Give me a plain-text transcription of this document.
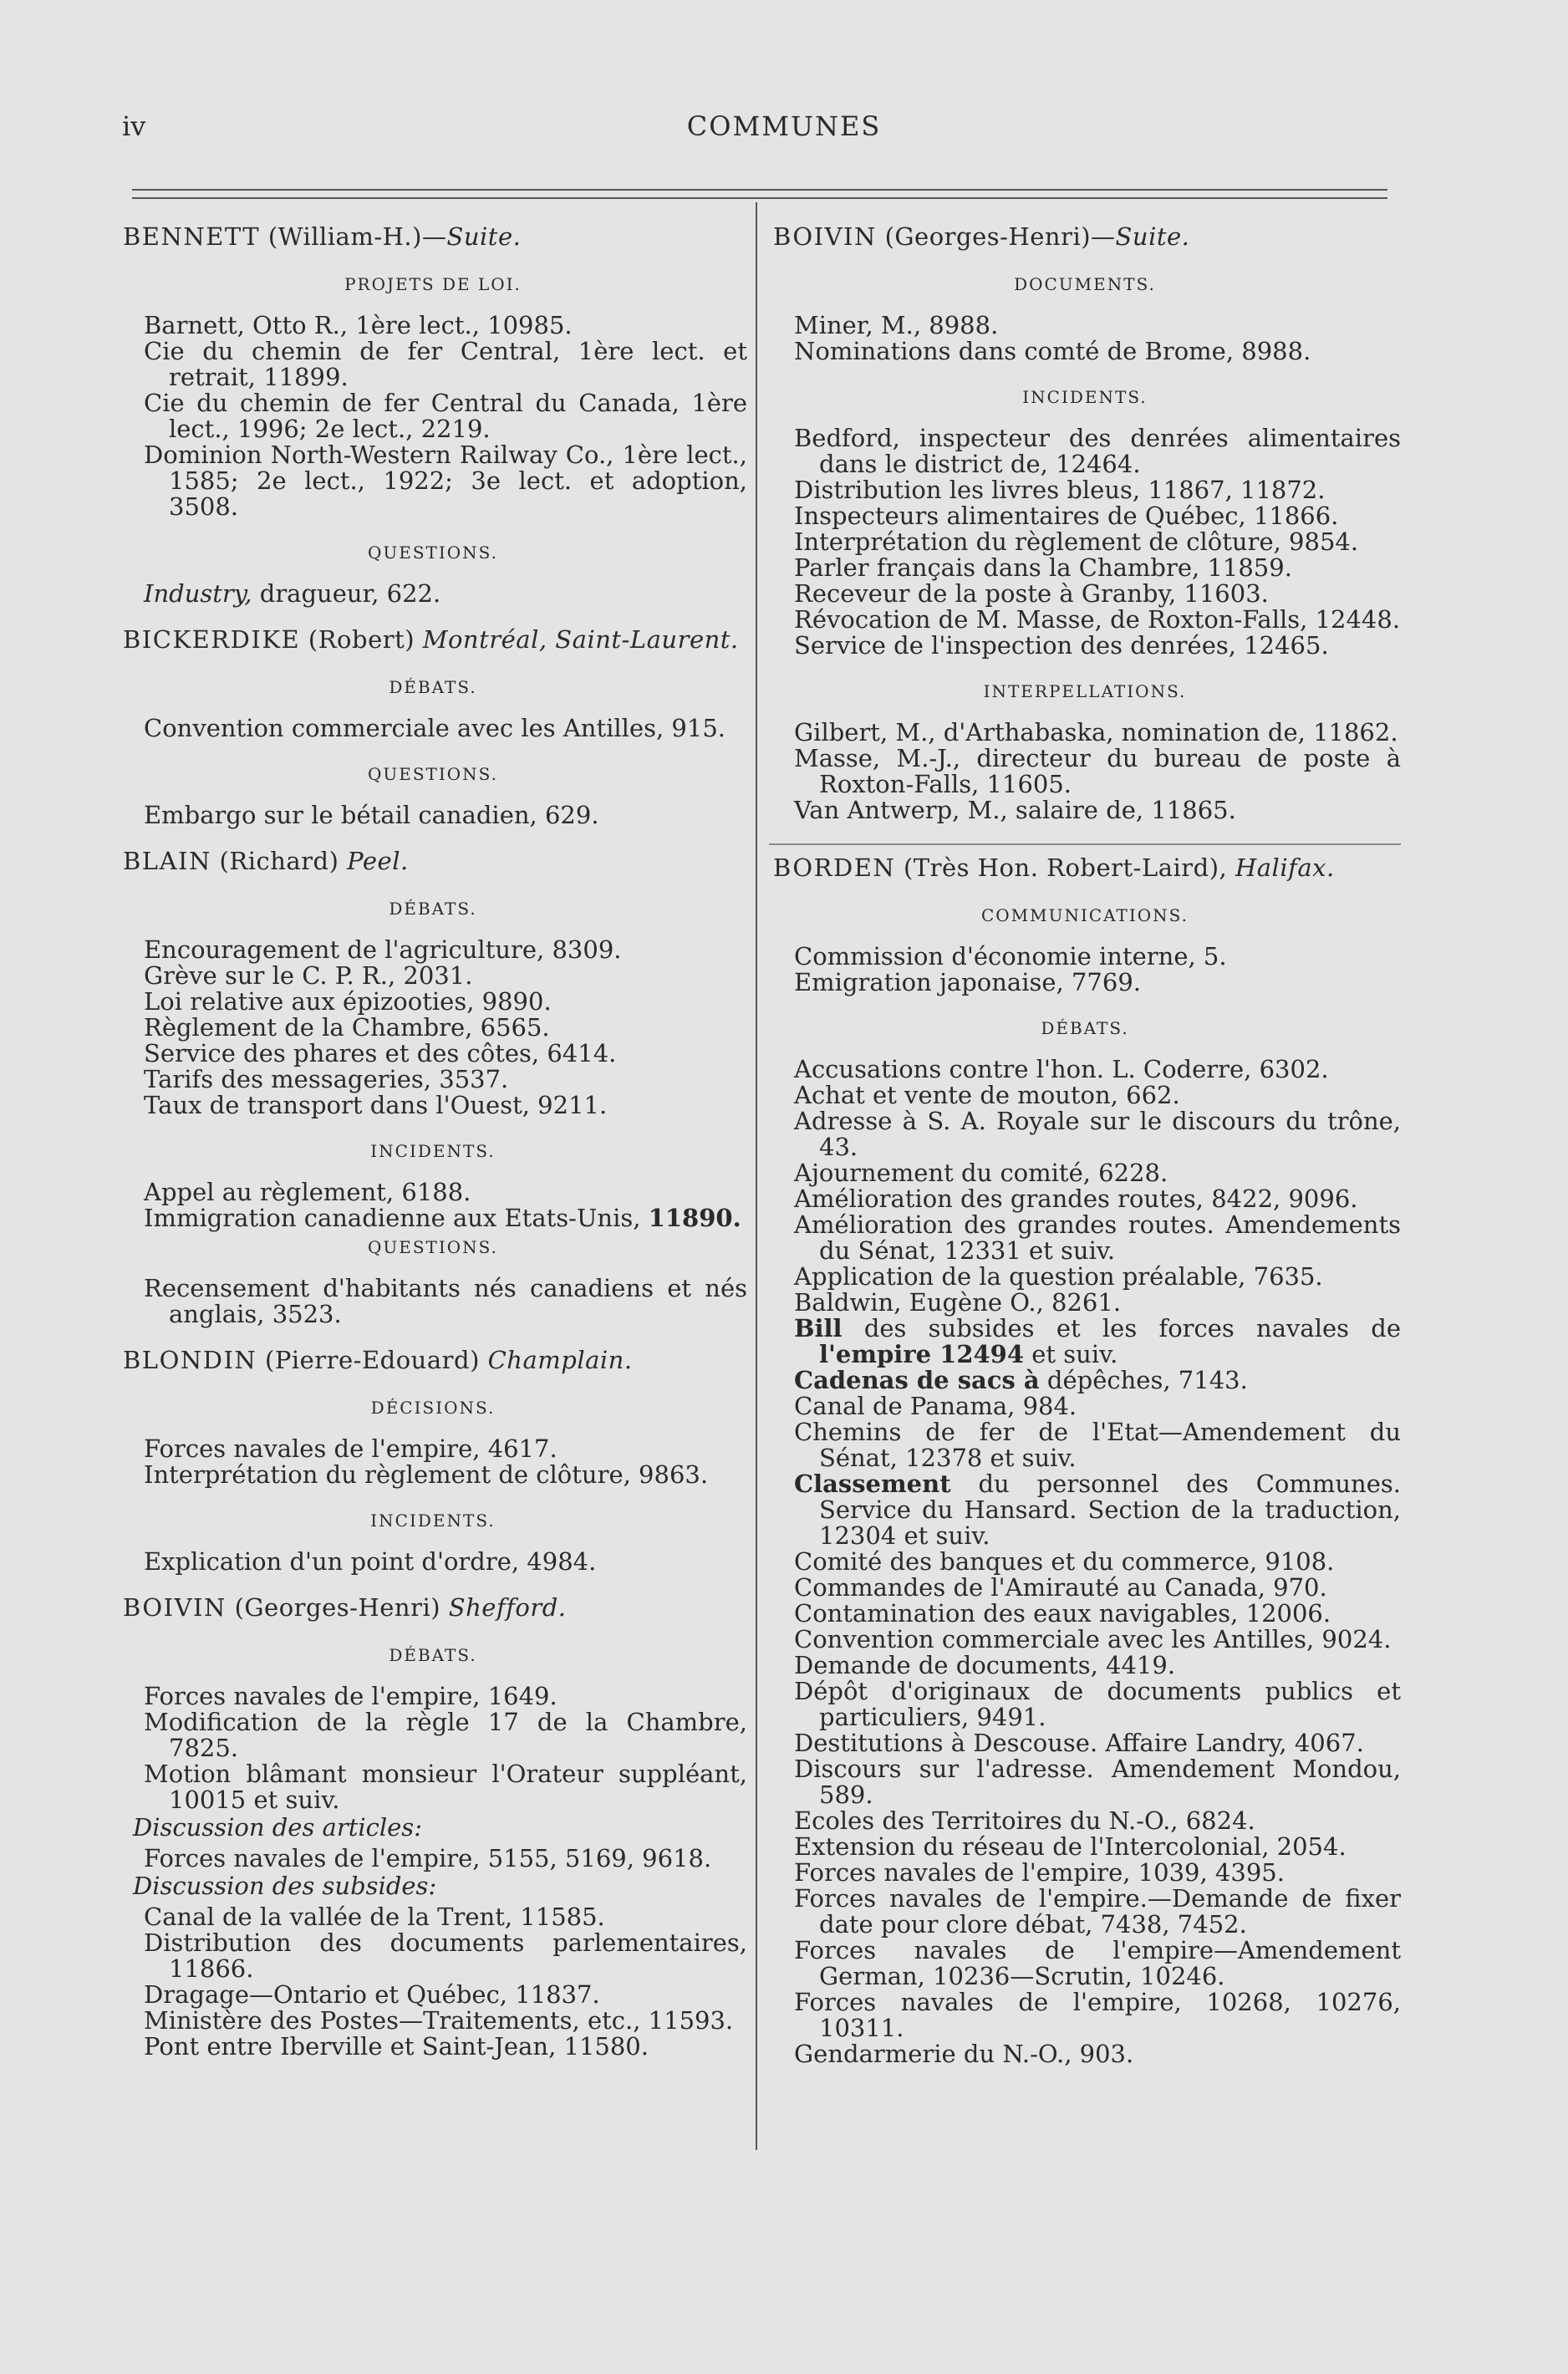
COMMUNES
iv

BENNETT (William-H.)—Suite.

PROJETS DE LOI.

Barnett, Otto R., 1ère lect., 10985.

Cie du chemin de fer Central, 1ère lect. et retrait, 11899.

Cie du chemin de fer Central du Canada, 1ère lect., 1996; 2e lect., 2219.

Dominion North-Western Railway Co., 1ère lect., 1585; 2e lect., 1922; 3e lect. et adoption, 3508.

QUESTIONS.

Industry, dragueur, 622.

BICKERDIKE (Robert) Montréal, Saint-Laurent.

DÉBATS.

Convention commerciale avec les Antilles, 915.

QUESTIONS.

Embargo sur le bétail canadien, 629.

BLAIN (Richard) Peel.

DÉBATS.

Encouragement de l'agriculture, 8309.

Grève sur le C. P. R., 2031.

Loi relative aux épizooties, 9890.

Règlement de la Chambre, 6565.

Service des phares et des côtes, 6414.

Tarifs des messageries, 3537.

Taux de transport dans l'Ouest, 9211.

INCIDENTS.

Appel au règlement, 6188.

Immigration canadienne aux Etats-Unis, 11890.

QUESTIONS.

Recensement d'habitants nés canadiens et nés anglais, 3523.

BLONDIN (Pierre-Edouard) Champlain.

DÉCISIONS.

Forces navales de l'empire, 4617.

Interprétation du règlement de clôture, 9863.

INCIDENTS.

Explication d'un point d'ordre, 4984.

BOIVIN (Georges-Henri) Shefford.

DÉBATS.

Forces navales de l'empire, 1649.

Modification de la règle 17 de la Chambre, 7825.

Motion blâmant monsieur l'Orateur suppléant, 10015 et suiv.

Discussion des articles:

Forces navales de l'empire, 5155, 5169, 9618.

Discussion des subsides:

Canal de la vallée de la Trent, 11585.

Distribution des documents parlementaires, 11866.

Dragage—Ontario et Québec, 11837.

Ministère des Postes—Traitements, etc., 11593.

Pont entre Iberville et Saint-Jean, 11580.

BOIVIN (Georges-Henri)—Suite.

DOCUMENTS.

Miner, M., 8988.

Nominations dans comté de Brome, 8988.

INCIDENTS.

Bedford, inspecteur des denrées alimentaires dans le district de, 12464.

Distribution les livres bleus, 11867, 11872.

Inspecteurs alimentaires de Québec, 11866.

Interprétation du règlement de clôture, 9854.

Parler français dans la Chambre, 11859.

Receveur de la poste à Granby, 11603.

Révocation de M. Masse, de Roxton-Falls, 12448.

Service de l'inspection des denrées, 12465.

INTERPELLATIONS.

Gilbert, M., d'Arthabaska, nomination de, 11862.

Masse, M.-J., directeur du bureau de poste à Roxton-Falls, 11605.

Van Antwerp, M., salaire de, 11865.

BORDEN (Très Hon. Robert-Laird), Halifax.

COMMUNICATIONS.

Commission d'économie interne, 5.

Emigration japonaise, 7769.

DÉBATS.

Accusations contre l'hon. L. Coderre, 6302.

Achat et vente de mouton, 662.

Adresse à S. A. Royale sur le discours du trône, 43.

Ajournement du comité, 6228.

Amélioration des grandes routes, 8422, 9096.

Amélioration des grandes routes. Amendements du Sénat, 12331 et suiv.

Application de la question préalable, 7635.

Baldwin, Eugène O., 8261.

Bill des subsides et les forces navales de l'empire 12494 et suiv.

Cadenas de sacs à dépêches, 7143.

Canal de Panama, 984.

Chemins de fer de l'Etat—Amendement du Sénat, 12378 et suiv.

Classement du personnel des Communes. Service du Hansard. Section de la traduction, 12304 et suiv.

Comité des banques et du commerce, 9108.

Commandes de l'Amirauté au Canada, 970.

Contamination des eaux navigables, 12006.

Convention commerciale avec les Antilles, 9024.

Demande de documents, 4419.

Dépôt d'originaux de documents publics et particuliers, 9491.

Destitutions à Descouse. Affaire Landry, 4067.

Discours sur l'adresse. Amendement Mondou, 589.

Ecoles des Territoires du N.-O., 6824.

Extension du réseau de l'Intercolonial, 2054.

Forces navales de l'empire, 1039, 4395.

Forces navales de l'empire.—Demande de fixer date pour clore débat, 7438, 7452.

Forces navales de l'empire—Amendement German, 10236—Scrutin, 10246.

Forces navales de l'empire, 10268, 10276, 10311.

Gendarmerie du N.-O., 903.
